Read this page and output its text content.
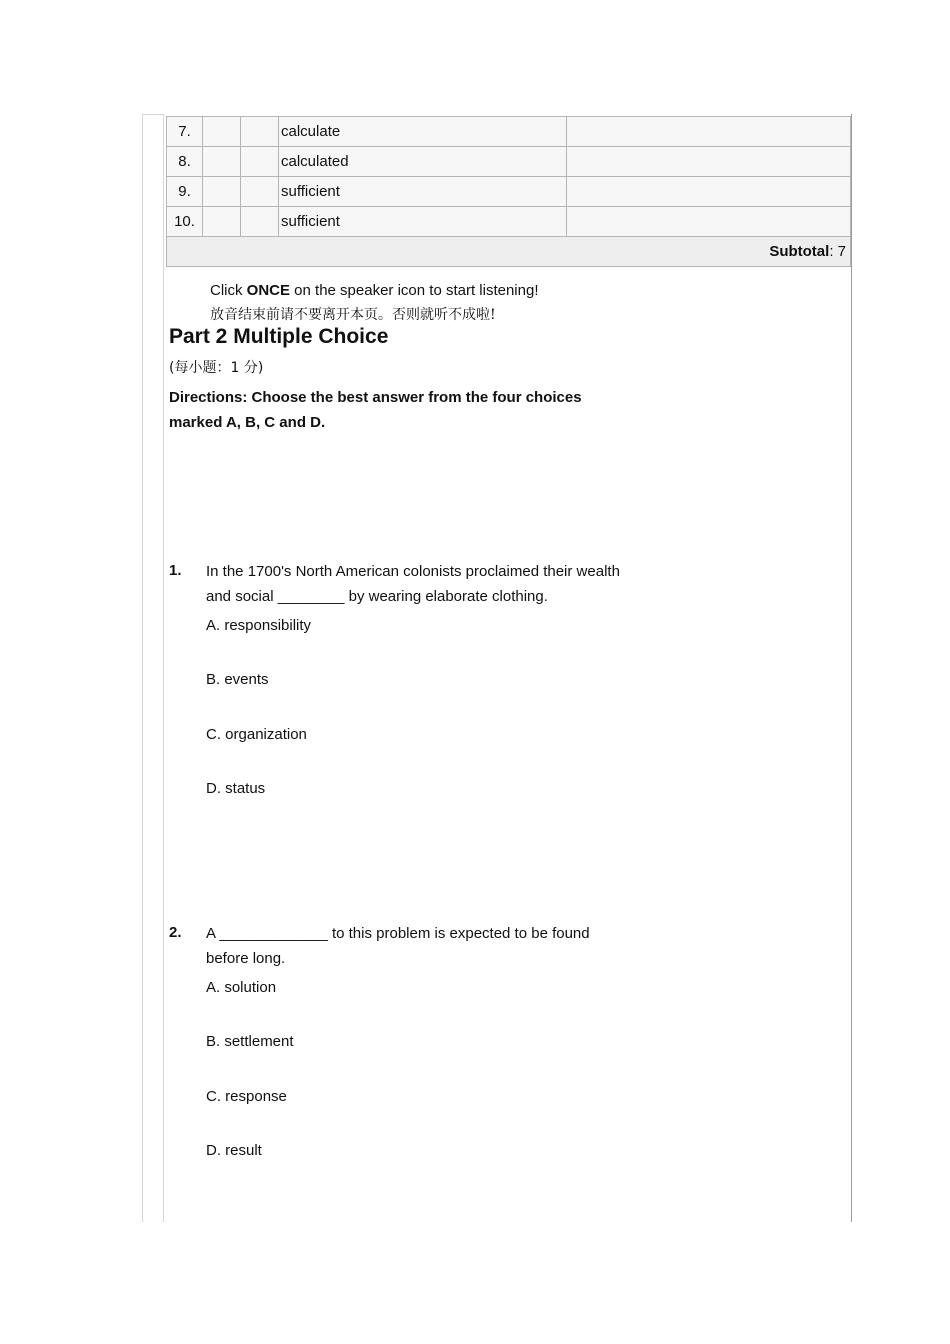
7.			calculate	
8.			calculated	
9.			sufficient	
10.			sufficient	
Subtotal: 7				
Click ONCE on the speaker icon to start listening!
放音结束前请不要离开本页。否则就听不成啦!
Part 2 Multiple Choice
(每小题：1 分)
Directions: Choose the best answer from the four choices marked A, B, C and D.
1. In the 1700's North American colonists proclaimed their wealth and social ________ by wearing elaborate clothing.
A. responsibility
B. events
C. organization
D. status
2. A _____________ to this problem is expected to be found before long.
A. solution
B. settlement
C. response
D. result
